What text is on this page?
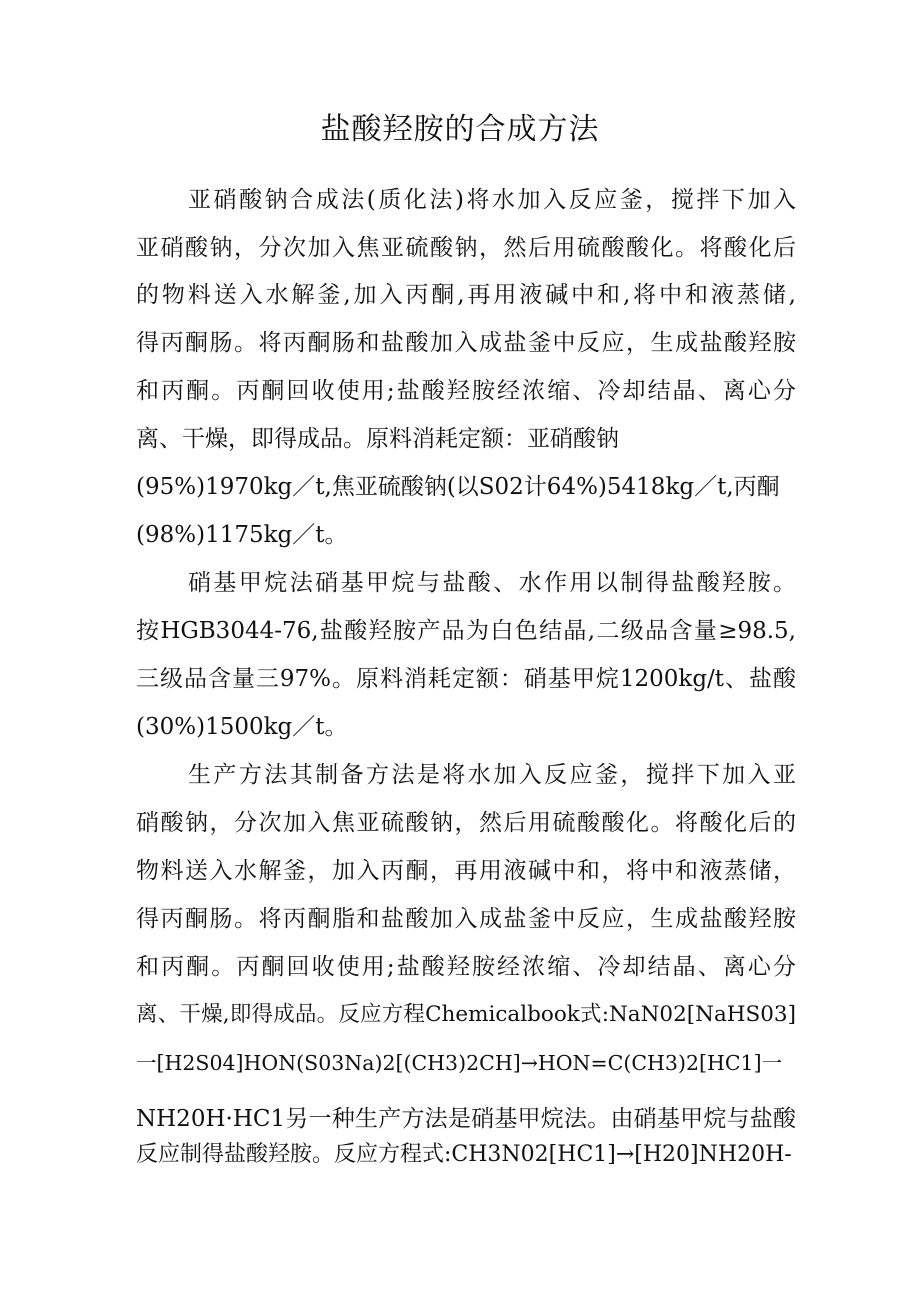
盐酸羟胺的合成方法
亚硝酸钠合成法(质化法)将水加入反应釜，搅拌下加入
亚硝酸钠，分次加入焦亚硫酸钠，然后用硫酸酸化。将酸化后
的物料送入水解釜,加入丙酮,再用液碱中和,将中和液蒸储,
得丙酮肠。将丙酮肠和盐酸加入成盐釜中反应，生成盐酸羟胺
和丙酮。丙酮回收使用;盐酸羟胺经浓缩、冷却结晶、离心分
离、干燥，即得成品。原料消耗定额：亚硝酸钠
(95%)1970kg／t,焦亚硫酸钠(以S02计64%)5418kg／t,丙酮
(98%)1175kg／t。
硝基甲烷法硝基甲烷与盐酸、水作用以制得盐酸羟胺。
按HGB3044-76,盐酸羟胺产品为白色结晶,二级品含量≥98.5,
三级品含量三97%。原料消耗定额：硝基甲烷1200kg/t、盐酸
(30%)1500kg／t。
生产方法其制备方法是将水加入反应釜，搅拌下加入亚
硝酸钠，分次加入焦亚硫酸钠，然后用硫酸酸化。将酸化后的
物料送入水解釜，加入丙酮，再用液碱中和，将中和液蒸储，
得丙酮肠。将丙酮脂和盐酸加入成盐釜中反应，生成盐酸羟胺
和丙酮。丙酮回收使用;盐酸羟胺经浓缩、冷却结晶、离心分
离、干燥,即得成品。反应方程Chemicalbook式:NaN02[NaHS03]
一[H2S04]HON(S03Na)2[(CH3)2CH]→HON=C(CH3)2[HC1]一
NH20H·HC1另一种生产方法是硝基甲烷法。由硝基甲烷与盐酸
反应制得盐酸羟胺。反应方程式:CH3N02[HC1]→[H20]NH20H-
